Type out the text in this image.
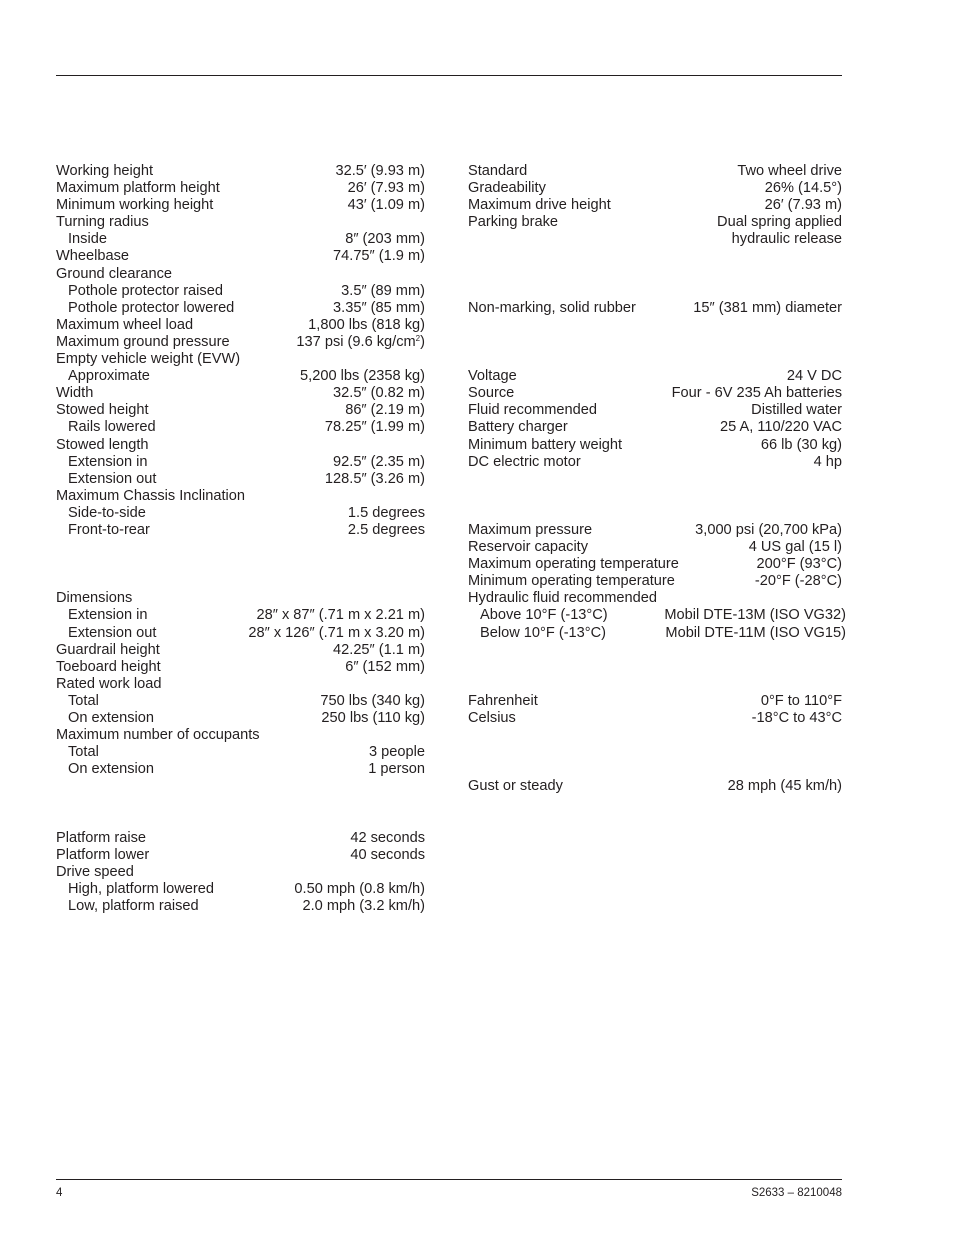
Working height	32.5′ (9.93 m)
Maximum platform height	26′ (7.93 m)
Minimum working height	43′ (1.09 m)
Turning radius
Inside	8″ (203 mm)
Wheelbase	74.75″ (1.9 m)
Ground clearance
Pothole protector raised	3.5″ (89 mm)
Pothole protector lowered	3.35″ (85 mm)
Maximum wheel load	1,800 lbs (818 kg)
Maximum ground pressure	137 psi (9.6 $kg/cm^2$)
Empty vehicle weight (EVW)
Approximate	5,200 lbs (2358 kg)
Width	32.5″ (0.82 m)
Stowed height	86″ (2.19 m)
Rails lowered	78.25″ (1.99 m)
Stowed length
Extension in	92.5″ (2.35 m)
Extension out	128.5″ (3.26 m)
Maximum Chassis Inclination
Side-to-side	1.5 degrees
Front-to-rear	2.5 degrees
Dimensions
Extension in	28″ x 87″ (.71 m x 2.21 m)
Extension out	28″ x 126″ (.71 m x 3.20 m)
Guardrail height	42.25″ (1.1 m)
Toeboard height	6″ (152 mm)
Rated work load
Total	750 lbs (340 kg)
On extension	250 lbs (110 kg)
Maximum number of occupants
Total	3 people
On extension	1 person
Platform raise	42 seconds
Platform lower	40 seconds
Drive speed
High, platform lowered	0.50 mph (0.8 km/h)
Low, platform raised	2.0 mph (3.2 km/h)
Standard	Two wheel drive
Gradeability	26% (14.5°)
Maximum drive height	26′ (7.93 m)
Parking brake	Dual spring applied
hydraulic release
Non-marking, solid rubber	15″ (381 mm) diameter
Voltage	24 V DC
Source	Four - 6V 235 Ah batteries
Fluid recommended	Distilled water
Battery charger	25 A, 110/220 VAC
Minimum battery weight	66 lb (30 kg)
DC electric motor	4 hp
Maximum pressure	3,000 psi (20,700 kPa)
Reservoir capacity	4 US gal (15 l)
Maximum operating temperature	200°F (93°C)
Minimum operating temperature	-20°F (-28°C)
Hydraulic fluid recommended
Above 10°F (-13°C)	Mobil DTE-13M (ISO VG32)
Below 10°F (-13°C)	Mobil DTE-11M (ISO VG15)
Fahrenheit	0°F to 110°F
Celsius	-18°C to 43°C
Gust or steady	28 mph (45 km/h)
4	S2633 – 8210048
